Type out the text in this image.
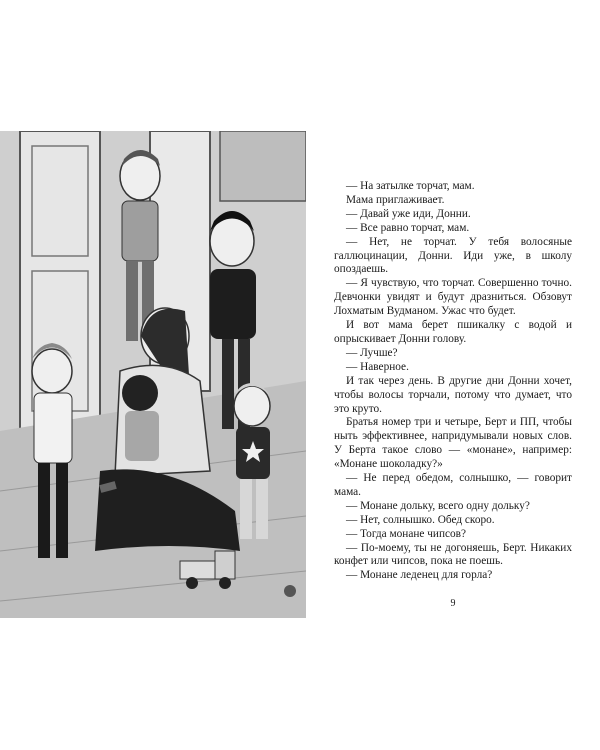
— На затылке торчат, мам.

Мама приглаживает.

— Давай уже иди, Донни.

— Все равно торчат, мам.

— Нет, не торчат. У тебя волосяные галлюцинации, Донни. Иди уже, в школу опоздаешь.

— Я чувствую, что торчат. Совершенно точно. Девчонки увидят и будут дразниться. Обзовут Лохматым Вудманом. Ужас что будет.

И вот мама берет пшикалку с водой и опрыскивает Донни голову.

— Лучше?

— Наверное.

И так через день. В другие дни Донни хочет, чтобы волосы торчали, потому что думает, что это круто.

Братья номер три и четыре, Берт и ПП, чтобы ныть эффективнее, напридумывали новых слов. У Берта такое слово — «монане», например: «Монане шоколадку?»

— Не перед обедом, солнышко, — говорит мама.

— Монане дольку, всего одну дольку?

— Нет, солнышко. Обед скоро.

— Тогда монане чипсов?

— По-моему, ты не догоняешь, Берт. Никаких конфет или чипсов, пока не поешь.

— Монане леденец для горла?

9
